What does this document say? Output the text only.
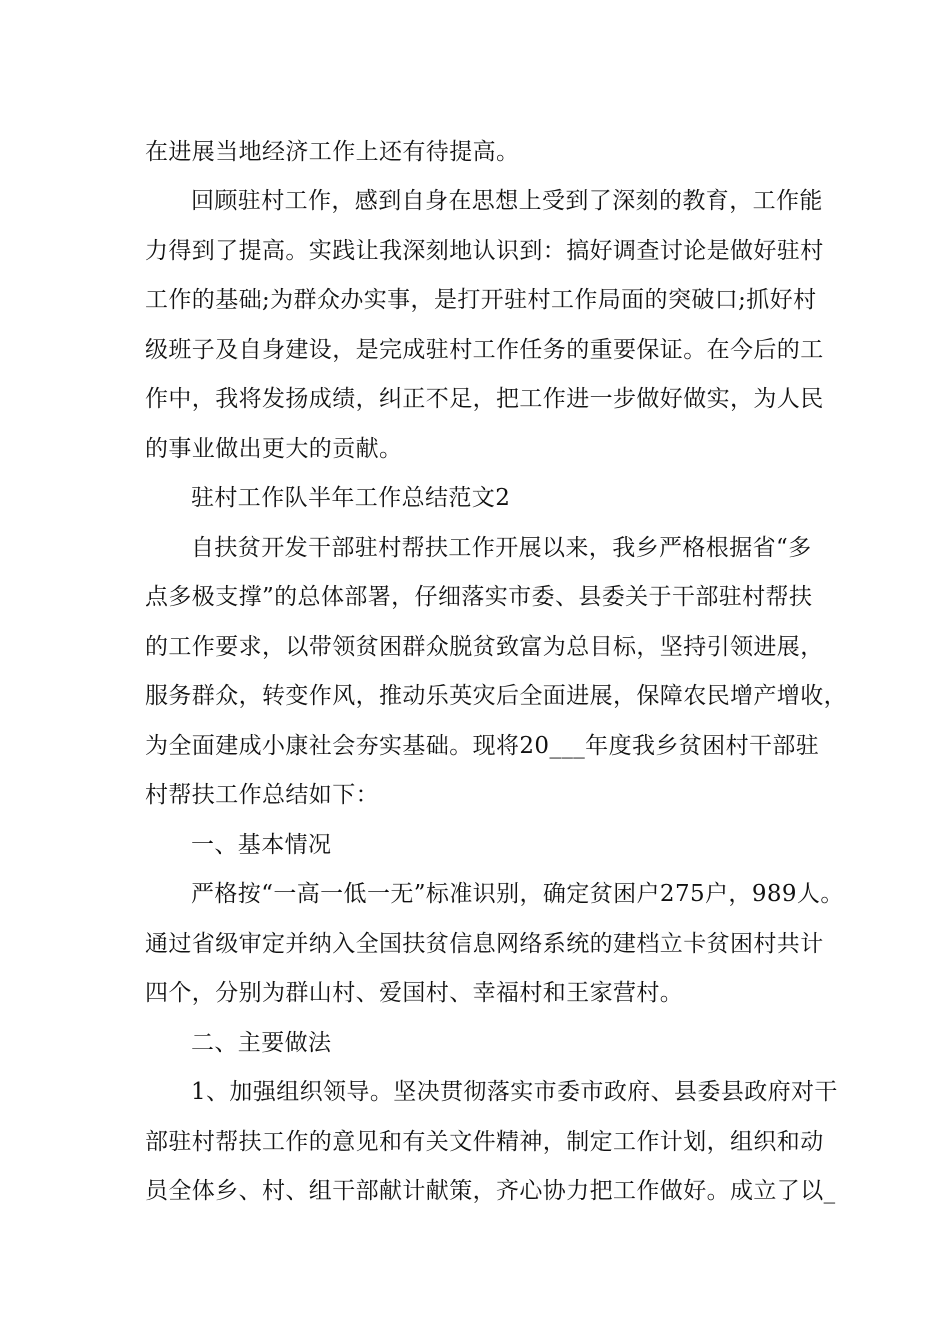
在进展当地经济工作上还有待提高。
回顾驻村工作，感到自身在思想上受到了深刻的教育，工作能
力得到了提高。实践让我深刻地认识到：搞好调查讨论是做好驻村
工作的基础;为群众办实事，是打开驻村工作局面的突破口;抓好村
级班子及自身建设，是完成驻村工作任务的重要保证。在今后的工
作中，我将发扬成绩，纠正不足，把工作进一步做好做实，为人民
的事业做出更大的贡献。
驻村工作队半年工作总结范文2
自扶贫开发干部驻村帮扶工作开展以来，我乡严格根据省“多
点多极支撑”的总体部署，仔细落实市委、县委关于干部驻村帮扶
的工作要求，以带领贫困群众脱贫致富为总目标，坚持引领进展，
服务群众，转变作风，推动乐英灾后全面进展，保障农民增产增收，
为全面建成小康社会夯实基础。现将20___年度我乡贫困村干部驻
村帮扶工作总结如下：
一、基本情况
严格按“一高一低一无”标准识别，确定贫困户275户，989人。
通过省级审定并纳入全国扶贫信息网络系统的建档立卡贫困村共计
四个，分别为群山村、爱国村、幸福村和王家营村。
二、主要做法
1、加强组织领导。坚决贯彻落实市委市政府、县委县政府对干
部驻村帮扶工作的意见和有关文件精神，制定工作计划，组织和动
员全体乡、村、组干部献计献策，齐心协力把工作做好。成立了以_
